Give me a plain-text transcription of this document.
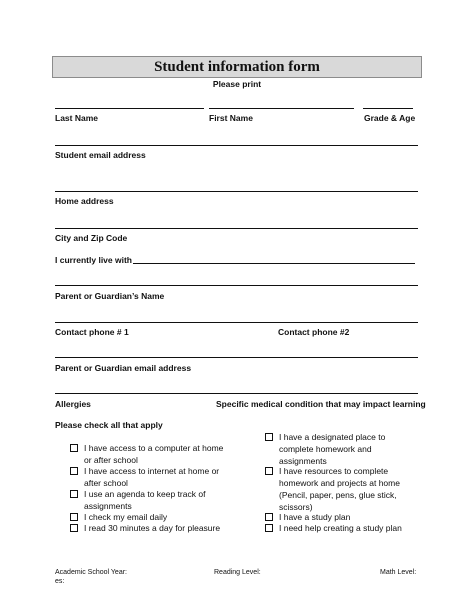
Student information form
Please print
Last Name	First Name	Grade & Age
Student email address
Home address
City and Zip Code
I currently live with
Parent or Guardian’s Name
Contact phone # 1	Contact phone #2
Parent or Guardian email address
Allergies	Specific medical condition that may impact learning
Please check all that apply
I have access to a computer at home
or after school
I have access to internet at home or
after school
I use an agenda to keep track of
assignments
I check my email daily
I read 30 minutes a day for pleasure
I have a designated place to
complete homework and
assignments
I have resources to complete
homework and projects at home
(Pencil, paper, pens, glue stick,
scissors)
I have a study plan
I need help creating a study plan
Academic School Year:
es:
Reading Level:	Math Level:
